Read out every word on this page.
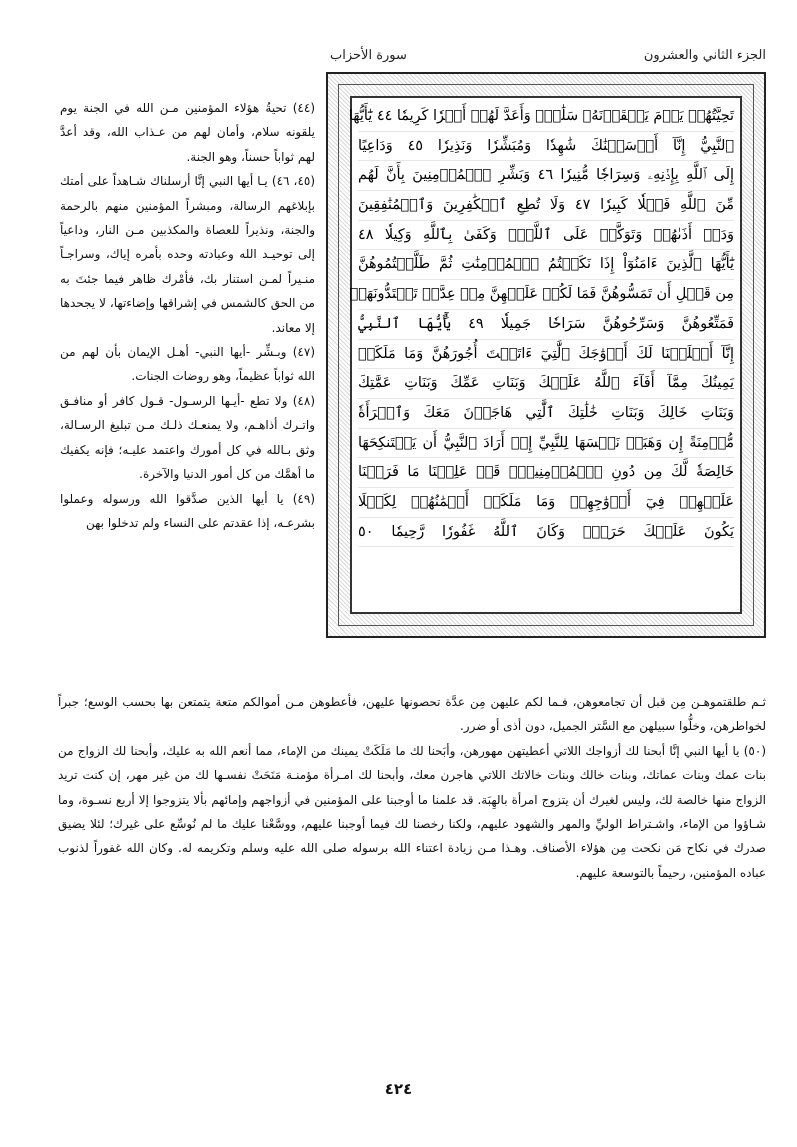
سورة الأحزاب	الجزء الثاني والعشرون
تَحِيَّتُهُمۡ يَوۡمَ يَلۡقَوۡنَهُۥ سَلَٰمٞۚ وَأَعَدَّ لَهُمۡ أَجۡرٗا كَرِيمٗا ٤٤ يَٰٓأَيُّهَا
ٱلنَّبِيُّ إِنَّآ أَرۡسَلۡنَٰكَ شَٰهِدٗا وَمُبَشِّرٗا وَنَذِيرٗا ٤٥ وَدَاعِيًا
إِلَى ٱللَّهِ بِإِذۡنِهِۦ وَسِرَاجٗا مُّنِيرٗا ٤٦ وَبَشِّرِ ٱلۡمُؤۡمِنِينَ بِأَنَّ لَهُم
مِّنَ ٱللَّهِ فَضۡلٗا كَبِيرٗا ٤٧ وَلَا تُطِعِ ٱلۡكَٰفِرِينَ وَٱلۡمُنَٰفِقِينَ
وَدَعۡ أَذَىٰهُمۡ وَتَوَكَّلۡ عَلَى ٱللَّهِۚ وَكَفَىٰ بِٱللَّهِ وَكِيلٗا ٤٨
يَٰٓأَيُّهَا ٱلَّذِينَ ءَامَنُوٓاْ إِذَا نَكَحۡتُمُ ٱلۡمُؤۡمِنَٰتِ ثُمَّ طَلَّقۡتُمُوهُنَّ
مِن قَبۡلِ أَن تَمَسُّوهُنَّ فَمَا لَكُمۡ عَلَيۡهِنَّ مِنۡ عِدَّةٖ تَعۡتَدُّونَهَاۖ
فَمَتِّعُوهُنَّ وَسَرِّحُوهُنَّ سَرَاحٗا جَمِيلٗا ٤٩ يَٰٓأَيُّهَا ٱلنَّبِيُّ
إِنَّآ أَحۡلَلۡنَا لَكَ أَزۡوَٰجَكَ ٱلَّٰتِيٓ ءَاتَيۡتَ أُجُورَهُنَّ وَمَا مَلَكَتۡ
يَمِينُكَ مِمَّآ أَفَآءَ ٱللَّهُ عَلَيۡكَ وَبَنَاتِ عَمِّكَ وَبَنَاتِ عَمَّٰتِكَ
وَبَنَاتِ خَالِكَ وَبَنَاتِ خَٰلَٰتِكَ ٱلَّٰتِي هَاجَرۡنَ مَعَكَ وَٱمۡرَأَةٗ
مُّؤۡمِنَةً إِن وَهَبَتۡ نَفۡسَهَا لِلنَّبِيِّ إِنۡ أَرَادَ ٱلنَّبِيُّ أَن يَسۡتَنكِحَهَا
خَالِصَةٗ لَّكَ مِن دُونِ ٱلۡمُؤۡمِنِينَۗ قَدۡ عَلِمۡنَا مَا فَرَضۡنَا
عَلَيۡهِمۡ فِيٓ أَزۡوَٰجِهِمۡ وَمَا مَلَكَتۡ أَيۡمَٰنُهُمۡ لِكَيۡلَا
يَكُونَ عَلَيۡكَ حَرَجٞۗ وَكَانَ ٱللَّهُ غَفُورٗا رَّحِيمٗا ٥٠

(٤٤) تحيةُ هؤلاء المؤمنين مـن الله في الجنة يوم يلقونه سلام، وأمان لهم من عـذاب الله، وقد أعدَّ لهم ثواباً حسناً، وهو الجنة.

(٤٥، ٤٦) يـا أيها النبي إنَّا أرسلناك شـاهداً على أمتك بإبلاغهم الرسالة، ومبشراً المؤمنين منهم بالرحمة والجنة، ونذيراً للعصاة والمكذبين مـن النار، وداعياً إلى توحيـد الله وعبادته وحده بأمره إياك، وسراجـاً منـيراً لمـن استنار بك، فأمْرك ظاهر فيما جئتَ به من الحق كالشمس في إشراقها وإضاءتها، لا يجحدها إلا معاند.

(٤٧) وبـشِّر -أيها النبي- أهـل الإيمان بأن لهم من الله ثواباً عظيماً، وهو روضات الجنات.

(٤٨) ولا تطع -أيـها الرسـول- قـول كافر أو منافـق واتـرك أذاهـم، ولا يمنعـك ذلـك مـن تبليغ الرسـالة، وثق بـالله في كل أمورك واعتمد عليـه؛ فإنه يكفيك ما أهمَّك من كل أمور الدنيا والآخرة.

(٤٩) يا أيها الذين صدَّقوا الله ورسوله وعملوا بشرعـه، إذا عقدتم على النساء ولم تدخلوا بهن

ثـم طلقتموهـن مِن قبل أن تجامعوهن، فـما لكم عليهن مِن عدَّة تحصونها عليهن، فأعطوهن مـن أموالكم متعة يتمتعن بها بحسب الوسع؛ جبراً لخواطرهن، وخلُّوا سبيلهن مع السَّتر الجميل، دون أذى أو ضرر.

(٥٠) يا أيها النبي إنَّا أبحنا لك أزواجك اللاتي أعطيتهن مهورهن، وأبَحنا لك ما مَلَكَتْ يمينك من الإماء، مما أنعم الله به عليك، وأبحنا لك الزواج من بنات عمك وبنات عماتك، وبنات خالك وبنات خالاتك اللاتي هاجرن معك، وأبحنا لك امـرأة مؤمنـة مَنَحَتْ نفسـها لك من غير مهر، إن كنت تريد الزواج منها خالصة لك، وليس لغيرك أن يتزوج امرأة بالهِبَة. قد علمنا ما أوجبنا على المؤمنين في أزواجهم وإمائهم بألا يتزوجوا إلا أربع نسـوة، وما شـاؤوا من الإماء، واشـتراط الوليِّ والمهر والشهود عليهم، ولكنا رخصنا لك فيما أوجبنا عليهم، ووسَّعْنا عليك ما لم نُوسِّع على غيرك؛ لئلا يضيق صدرك في نكاح مَن نكحت مِن هؤلاء الأصناف. وهـذا مـن زيادة اعتناء الله برسوله صلى الله عليه وسلم وتكريمه له. وكان الله غفوراً لذنوب عباده المؤمنين، رحيماً بالتوسعة عليهم.

٤٢٤
